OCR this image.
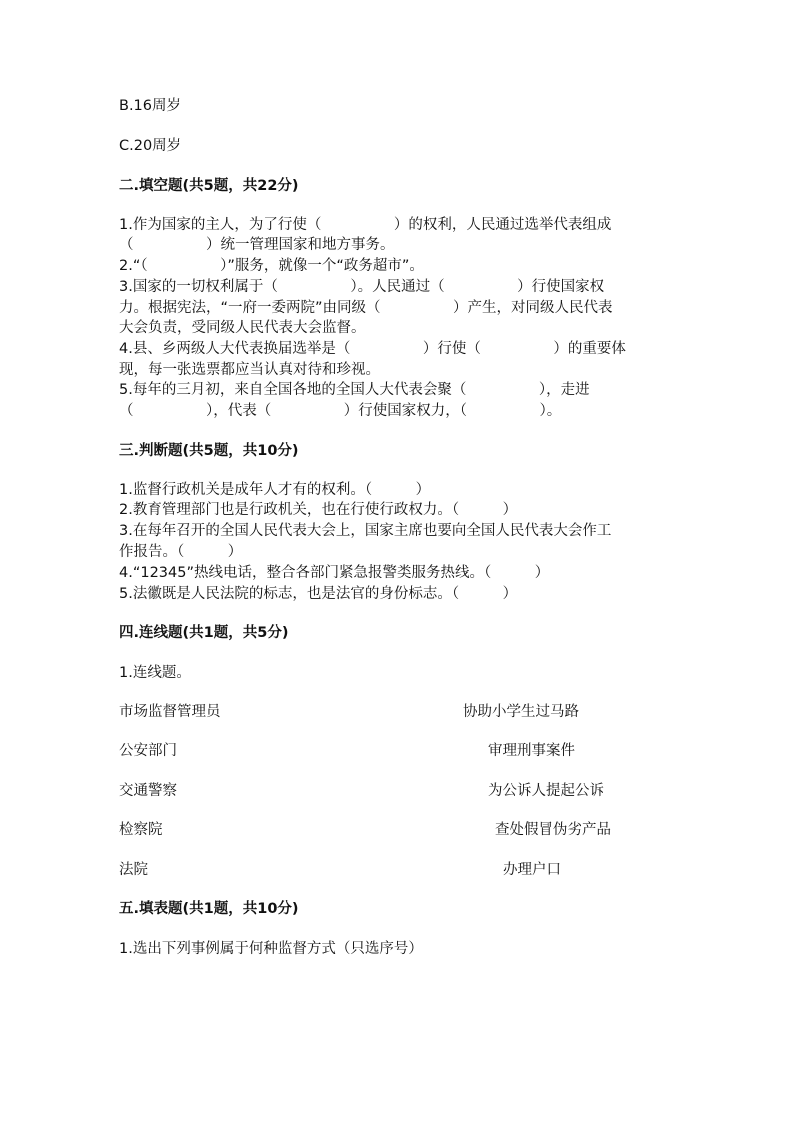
B.16周岁
C.20周岁
二.填空题(共5题，共22分)
1.作为国家的主人，为了行使（　　　　　）的权利，人民通过选举代表组成
（　　　　　）统一管理国家和地方事务。
2.“（　　　　　）”服务，就像一个“政务超市”。
3.国家的一切权利属于（　　　　　）。人民通过（　　　　　）行使国家权
力。根据宪法，“一府一委两院”由同级（　　　　　）产生，对同级人民代表
大会负责，受同级人民代表大会监督。
4.县、乡两级人大代表换届选举是（　　　　　）行使（　　　　　）的重要体
现，每一张选票都应当认真对待和珍视。
5.每年的三月初，来自全国各地的全国人大代表会聚（　　　　　），走进
（　　　　　），代表（　　　　　）行使国家权力，（　　　　　）。
三.判断题(共5题，共10分)
1.监督行政机关是成年人才有的权利。（　　　）
2.教育管理部门也是行政机关，也在行使行政权力。（　　　）
3.在每年召开的全国人民代表大会上，国家主席也要向全国人民代表大会作工
作报告。（　　　）
4.“12345”热线电话，整合各部门紧急报警类服务热线。（　　　）
5.法徽既是人民法院的标志，也是法官的身份标志。（　　　）
四.连线题(共1题，共5分)
1.连线题。
市场监督管理员
公安部门
交通警察
检察院
法院
协助小学生过马路
审理刑事案件
为公诉人提起公诉
查处假冒伪劣产品
办理户口
五.填表题(共1题，共10分)
1.选出下列事例属于何种监督方式（只选序号）
